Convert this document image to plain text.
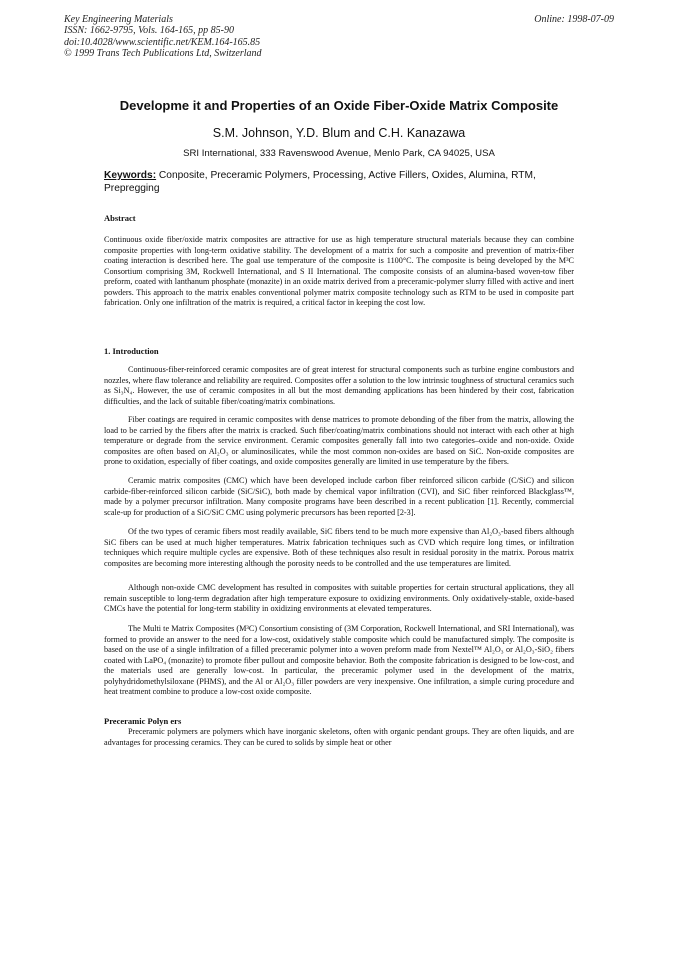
Key Engineering Materials
ISSN: 1662-9795, Vols. 164-165, pp 85-90
doi:10.4028/www.scientific.net/KEM.164-165.85
© 1999 Trans Tech Publications Ltd, Switzerland
Online: 1998-07-09
Developme it and Properties of an Oxide Fiber-Oxide Matrix Composite
S.M. Johnson, Y.D. Blum and C.H. Kanazawa
SRI International, 333 Ravenswood Avenue, Menlo Park, CA 94025, USA
Keywords: Conposite, Preceramic Polymers, Processing, Active Fillers, Oxides, Alumina, RTM, Prepregging
Abstract

Continuous oxide fiber/oxide matrix composites are attractive for use as high temperature structural materials because they can combine composite properties with long-term oxidative stability. The development of a matrix for such a composite and prevention of matrix-fiber coating interaction is described here. The goal use temperature of the composite is 1100°C. The composite is being developed by the M³C Consortium comprising 3M, Rockwell International, and S II International. The composite consists of an alumina-based woven-tow fiber preform, coated with lanthanum phosphate (monazite) in an oxide matrix derived from a preceramic-polymer slurry filled with active and inert powders. This approach to the matrix enables conventional polymer matrix composite technology such as RTM to be used in composite part fabrication. Only one infiltration of the matrix is required, a critical factor in keeping the cost low.

1. Introduction

Continuous-fiber-reinforced ceramic composites are of great interest for structural components such as turbine engine combustors and nozzles, where flaw tolerance and reliability are required. Composites offer a solution to the low intrinsic toughness of structural ceramics such as Si₃N₄. However, the use of ceramic composites in all but the most demanding applications has been hindered by their cost, fabrication difficulties, and the lack of suitable fiber/coating/matrix combinations.

Fiber coatings are required in ceramic composites with dense matrices to promote debonding of the fiber from the matrix, allowing the load to be carried by the fibers after the matrix is cracked. Such fiber/coating/matrix combinations should not interact with each other at high temperature or degrade from the service environment. Ceramic composites generally fall into two categories–oxide and non-oxide. Oxide composites are often based on Al₂O₃ or aluminosilicates, while the most common non-oxides are based on SiC. Non-oxide composites are prone to oxidation, especially of fiber coatings, and oxide composites generally are limited in use temperature by the fibers.

Ceramic matrix composites (CMC) which have been developed include carbon fiber reinforced silicon carbide (C/SiC) and silicon carbide-fiber-reinforced silicon carbide (SiC/SiC), both made by chemical vapor infiltration (CVI), and SiC fiber reinforced Blackglass™, made by a polymer precursor infiltration. Many composite programs have been described in a recent publication [1]. Recently, commercial scale-up for production of a SiC/SiC CMC using polymeric precursors has been reported [2-3].

Of the two types of ceramic fibers most readily available, SiC fibers tend to be much more expensive than Al₂O₃-based fibers although SiC fibers can be used at much higher temperatures. Matrix fabrication techniques such as CVD which require long times, or infiltration techniques which require multiple cycles are expensive. Both of these techniques also result in residual porosity in the matrix. Porous matrix composites are becoming more interesting although the porosity needs to be controlled and the use temperatures are limited.

Although non-oxide CMC development has resulted in composites with suitable properties for certain structural applications, they all remain susceptible to long-term degradation after high temperature exposure to oxidizing environments. Only oxidatively-stable, oxide-based CMCs have the potential for long-term stability in oxidizing environments at elevated temperatures.

The Multi te Matrix Composites (M³C) Consortium consisting of (3M Corporation, Rockwell International, and SRI International), was formed to provide an answer to the need for a low-cost, oxidatively stable composite which could be manufactured simply. The composite is based on the use of a single infiltration of a filled preceramic polymer into a woven preform made from Nextel™ Al₂O₃ or Al₂O₃-SiO₂ fibers coated with LaPO₄ (monazite) to promote fiber pullout and composite behavior. Both the composite fabrication is designed to be low-cost, and the materials used are generally low-cost. In particular, the preceramic polymer used in the development of the matrix, polyhydridomethylsiloxane (PHMS), and the Al or Al₂O₃ filler powders are very inexpensive. One infiltration, a simple curing procedure and heat treatment combine to produce a low-cost oxide composite.

Preceramic Polyn ers

Preceramic polymers are polymers which have inorganic skeletons, often with organic pendant groups. They are often liquids, and are advantages for processing ceramics. They can be cured to solids by simple heat or other
